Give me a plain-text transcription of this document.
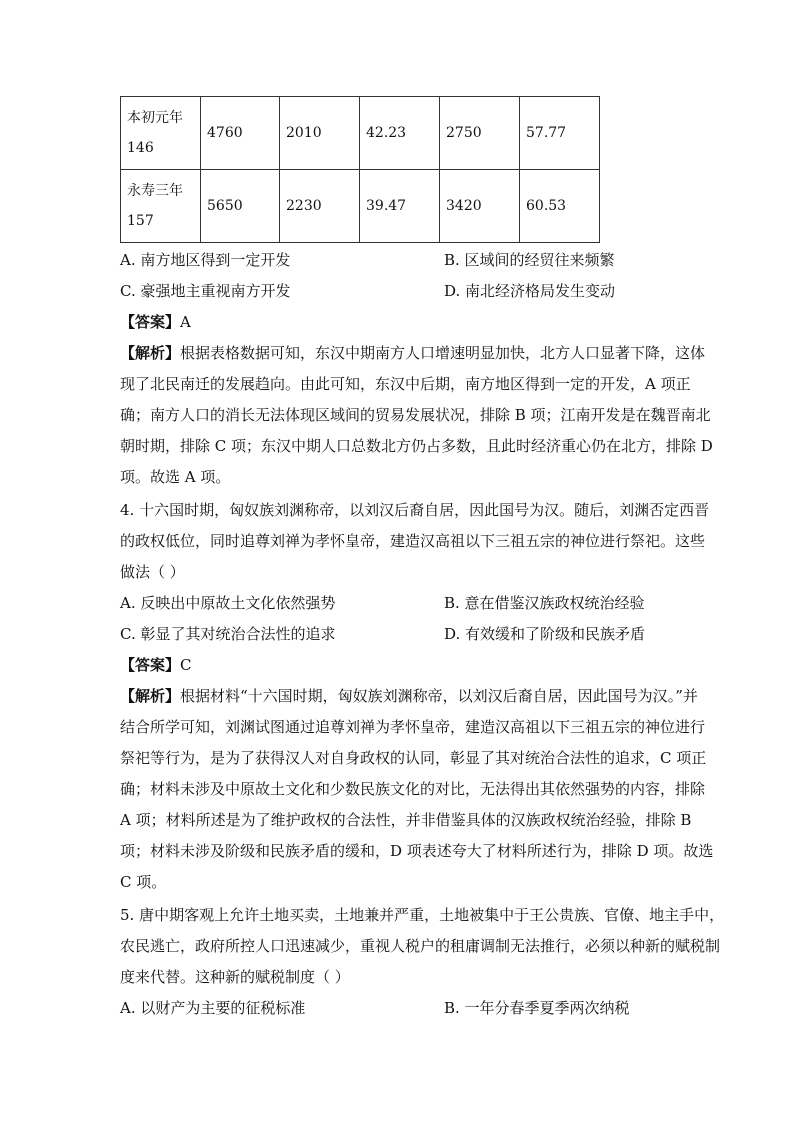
本初元年
146	4760	2010	42.23	2750	57.77
永寿三年
157	5650	2230	39.47	3420	60.53
A. 南方地区得到一定开发	B. 区域间的经贸往来频繁
C. 豪强地主重视南方开发	D. 南北经济格局发生变动
【答案】A
【解析】根据表格数据可知，东汉中期南方人口增速明显加快，北方人口显著下降，这体
现了北民南迁的发展趋向。由此可知，东汉中后期，南方地区得到一定的开发，A 项正
确；南方人口的消长无法体现区域间的贸易发展状况，排除 B 项；江南开发是在魏晋南北
朝时期，排除 C 项；东汉中期人口总数北方仍占多数，且此时经济重心仍在北方，排除 D
项。故选 A 项。
4. 十六国时期，匈奴族刘渊称帝，以刘汉后裔自居，因此国号为汉。随后，刘渊否定西晋
的政权低位，同时追尊刘禅为孝怀皇帝，建造汉高祖以下三祖五宗的神位进行祭祀。这些
做法（ ）
A. 反映出中原故土文化依然强势	B. 意在借鉴汉族政权统治经验
C. 彰显了其对统治合法性的追求	D. 有效缓和了阶级和民族矛盾
【答案】C
【解析】根据材料“十六国时期，匈奴族刘渊称帝，以刘汉后裔自居，因此国号为汉。”并
结合所学可知，刘渊试图通过追尊刘禅为孝怀皇帝，建造汉高祖以下三祖五宗的神位进行
祭祀等行为，是为了获得汉人对自身政权的认同，彰显了其对统治合法性的追求，C 项正
确；材料未涉及中原故土文化和少数民族文化的对比，无法得出其依然强势的内容，排除
A 项；材料所述是为了维护政权的合法性，并非借鉴具体的汉族政权统治经验，排除 B
项；材料未涉及阶级和民族矛盾的缓和，D 项表述夸大了材料所述行为，排除 D 项。故选
C 项。
5. 唐中期客观上允许土地买卖，土地兼并严重，土地被集中于王公贵族、官僚、地主手中，
农民逃亡，政府所控人口迅速减少，重视人税户的租庸调制无法推行，必须以种新的赋税制
度来代替。这种新的赋税制度（ ）
A. 以财产为主要的征税标准	B. 一年分春季夏季两次纳税
